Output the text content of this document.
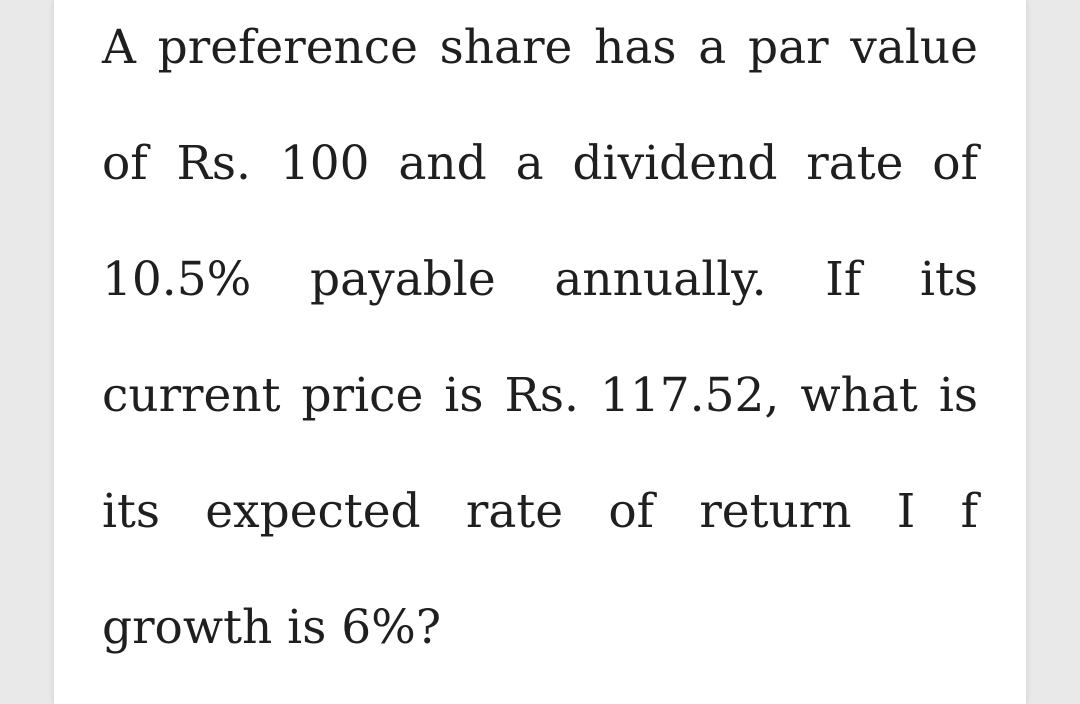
A preference share has a par value
of Rs. 100 and a dividend rate of
10.5% payable annually. If its
current price is Rs. 117.52, what is
its expected rate of return I f
growth is 6%?
